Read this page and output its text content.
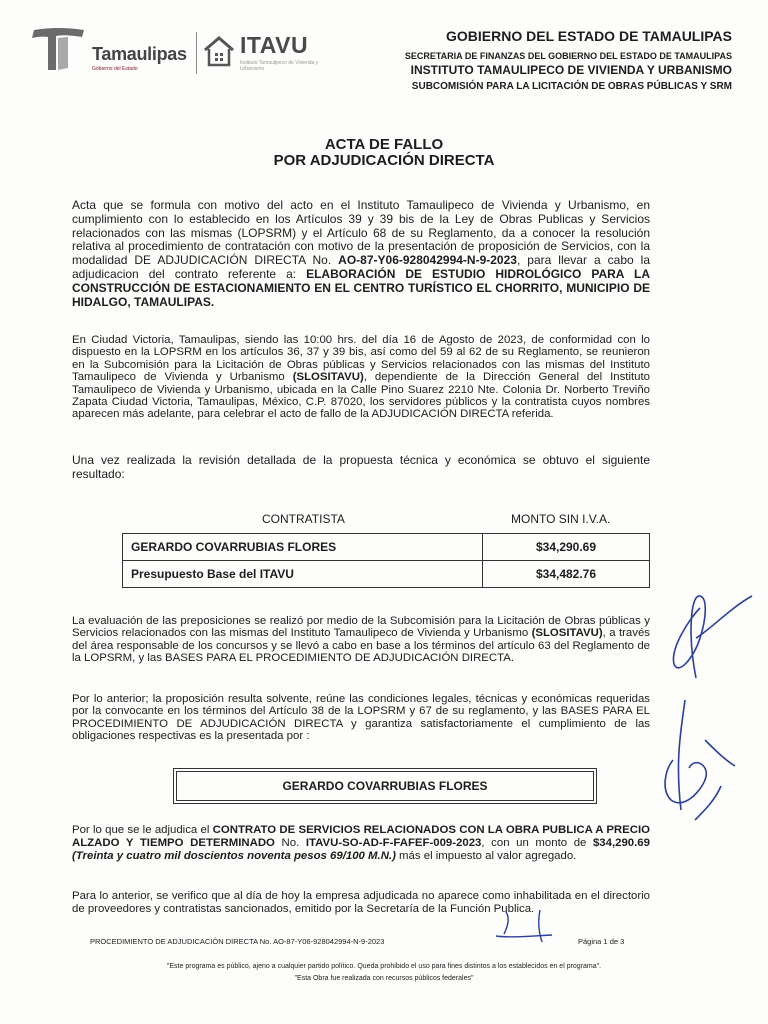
Tamaulipas
Gobierno del Estado
ITAVU
Instituto Tamaulipeco de Vivienda y Urbanismo
GOBIERNO DEL ESTADO DE TAMAULIPAS
SECRETARIA DE FINANZAS DEL GOBIERNO DEL ESTADO DE TAMAULIPAS
INSTITUTO TAMAULIPECO DE VIVIENDA Y URBANISMO
SUBCOMISIÓN PARA LA LICITACIÓN DE OBRAS PÚBLICAS Y SRM
ACTA DE FALLO
POR ADJUDICACIÓN DIRECTA
Acta que se formula con motivo del acto en el Instituto Tamaulipeco de Vivienda y Urbanismo, en cumplimiento con lo establecido en los Artículos 39 y 39 bis de la Ley de Obras Publicas y Servicios relacionados con las mismas (LOPSRM) y el Artículo 68 de su Reglamento, da a conocer la resolución relativa al procedimiento de contratación con motivo de la presentación de proposición de Servicios, con la modalidad DE ADJUDICACIÓN DIRECTA No. AO-87-Y06-928042994-N-9-2023, para llevar a cabo la adjudicacion del contrato referente a: ELABORACIÓN DE ESTUDIO HIDROLÓGICO PARA LA CONSTRUCCIÓN DE ESTACIONAMIENTO EN EL CENTRO TURÍSTICO EL CHORRITO, MUNICIPIO DE HIDALGO, TAMAULIPAS.
En Ciudad Victoria, Tamaulipas, siendo las 10:00 hrs. del día 16 de Agosto de 2023, de conformidad con lo dispuesto en la LOPSRM en los artículos 36, 37 y 39 bis, así como del 59 al 62 de su Reglamento, se reunieron en la Subcomisión para la Licitación de Obras públicas y Servicios relacionados con las mismas del Instituto Tamaulipeco de Vivienda y Urbanismo (SLOSITAVU), dependiente de la Dirección General del Instituto Tamaulipeco de Vivienda y Urbanismo, ubicada en la Calle Pino Suarez 2210 Nte. Colonia Dr. Norberto Treviño Zapata Ciudad Victoria, Tamaulipas, México, C.P. 87020, los servidores públicos y la contratista cuyos nombres aparecen más adelante, para celebrar el acto de fallo de la ADJUDICACIÓN DIRECTA referida.
Una vez realizada la revisión detallada de la propuesta técnica y económica se obtuvo el siguiente resultado:
CONTRATISTA	MONTO SIN I.V.A.
GERARDO COVARRUBIAS FLORES	$34,290.69
Presupuesto Base del ITAVU	$34,482.76
La evaluación de las preposiciones se realizó por medio de la Subcomisión para la Licitación de Obras públicas y Servicios relacionados con las mismas del Instituto Tamaulipeco de Vivienda y Urbanismo (SLOSITAVU), a través del área responsable de los concursos y se llevó a cabo en base a los términos del artículo 63 del Reglamento de la LOPSRM, y las BASES PARA EL PROCEDIMIENTO DE ADJUDICACIÓN DIRECTA.
Por lo anterior; la proposición resulta solvente, reúne las condiciones legales, técnicas y económicas requeridas por la convocante en los términos del Artículo 38 de la LOPSRM y 67 de su reglamento, y las BASES PARA EL PROCEDIMIENTO DE ADJUDICACIÓN DIRECTA y garantiza satisfactoriamente el cumplimiento de las obligaciones respectivas es la presentada por :
GERARDO COVARRUBIAS FLORES
Por lo que se le adjudica el CONTRATO DE SERVICIOS RELACIONADOS CON LA OBRA PUBLICA A PRECIO ALZADO Y TIEMPO DETERMINADO No. ITAVU-SO-AD-F-FAFEF-009-2023, con un monto de $34,290.69 (Treinta y cuatro mil doscientos noventa pesos 69/100 M.N.) más el impuesto al valor agregado.
Para lo anterior, se verifico que al día de hoy la empresa adjudicada no aparece como inhabilitada en el directorio de proveedores y contratistas sancionados, emitido por la Secretaría de la Función Publica.
PROCEDIMIENTO DE ADJUDICACIÓN DIRECTA No. AO-87-Y06-928042994-N-9-2023	Página 1 de 3
"Este programa es público, ajeno a cualquier partido político. Queda prohibido el uso para fines distintos a los establecidos en el programa".
"Esta Obra fue realizada con recursos públicos federales"
